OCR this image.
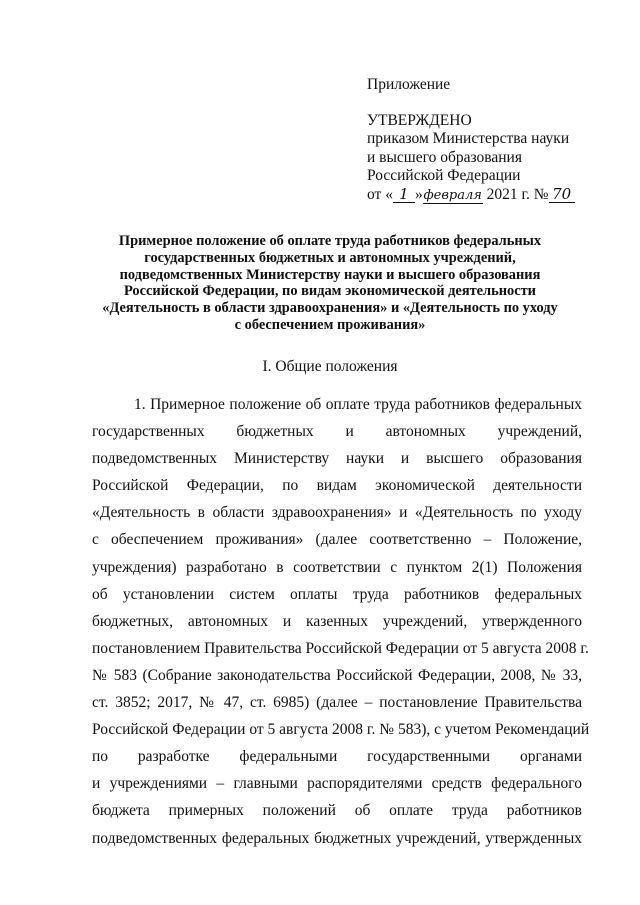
Приложение
УТВЕРЖДЕНО
приказом Министерства науки
и высшего образования
Российской Федерации
от « 1 »февраля 2021 г. № 70
Примерное положение об оплате труда работников федеральных
государственных бюджетных и автономных учреждений,
подведомственных Министерству науки и высшего образования
Российской Федерации, по видам экономической деятельности
«Деятельность в области здравоохранения» и «Деятельность по уходу
с обеспечением проживания»
I. Общие положения
1. Примерное положение об оплате труда работников федеральных
государственных бюджетных и автономных учреждений,
подведомственных Министерству науки и высшего образования
Российской Федерации, по видам экономической деятельности
«Деятельность в области здравоохранения» и «Деятельность по уходу
с обеспечением проживания» (далее соответственно – Положение,
учреждения) разработано в соответствии с пунктом 2(1) Положения
об установлении систем оплаты труда работников федеральных
бюджетных, автономных и казенных учреждений, утвержденного
постановлением Правительства Российской Федерации от 5 августа 2008 г.
№ 583 (Собрание законодательства Российской Федерации, 2008, № 33,
ст. 3852; 2017, № 47, ст. 6985) (далее – постановление Правительства
Российской Федерации от 5 августа 2008 г. № 583), с учетом Рекомендаций
по разработке федеральными государственными органами
и учреждениями – главными распорядителями средств федерального
бюджета примерных положений об оплате труда работников
подведомственных федеральных бюджетных учреждений, утвержденных
